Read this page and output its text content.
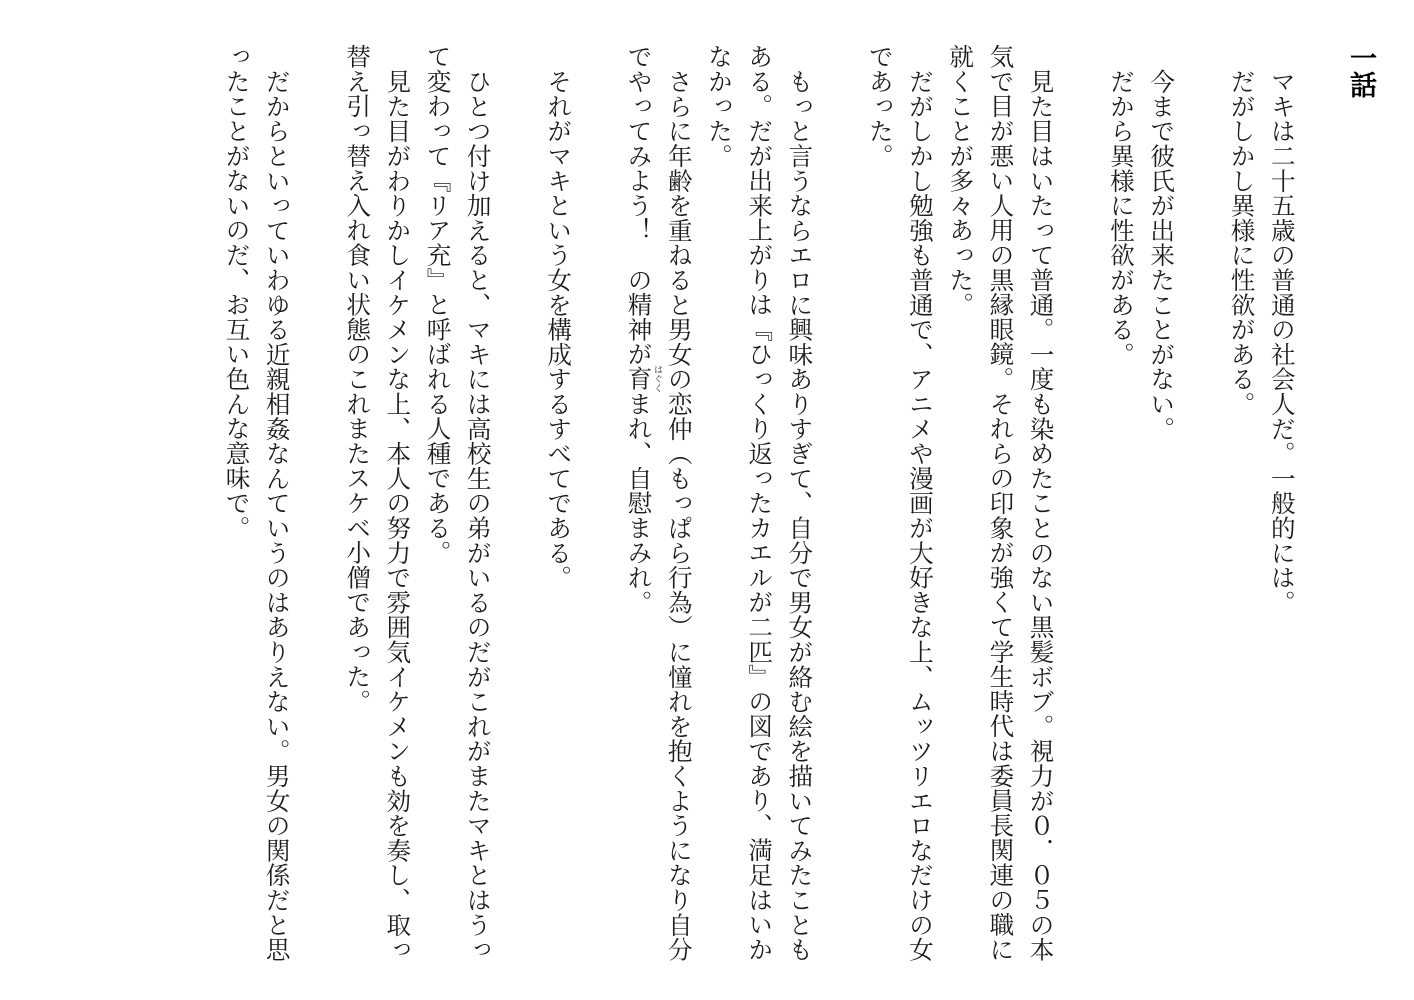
一話
マキは二十五歳の普通の社会人だ。一般的には。
だがしかし異様に性欲がある。
今まで彼氏が出来たことがない。
だから異様に性欲がある。
見た目はいたって普通。一度も染めたことのない黒髪ボブ。視力が０．０５の本気で目が悪い人用の黒縁眼鏡。それらの印象が強くて学生時代は委員長関連の職に就くことが多々あった。
だがしかし勉強も普通で、アニメや漫画が大好きな上、ムッツリエロなだけの女であった。
もっと言うならエロに興味ありすぎて、自分で男女が絡む絵を描いてみたこともある。だが出来上がりは『ひっくり返ったカエルが二匹』の図であり、満足はいかなかった。
さらに年齢を重ねると男女の恋仲（もっぱら行為）に憧れを抱くようになり自分でやってみよう！　の精神が育はぐくまれ、自慰まみれ。
それがマキという女を構成するすべてである。
ひとつ付け加えると、マキには高校生の弟がいるのだがこれがまたマキとはうって変わって『リア充』と呼ばれる人種である。
見た目がわりかしイケメンな上、本人の努力で雰囲気イケメンも効を奏し、取っ替え引っ替え入れ食い状態のこれまたスケベ小僧であった。
だからといっていわゆる近親相姦なんていうのはありえない。男女の関係だと思ったことがないのだ、お互い色んな意味で。
